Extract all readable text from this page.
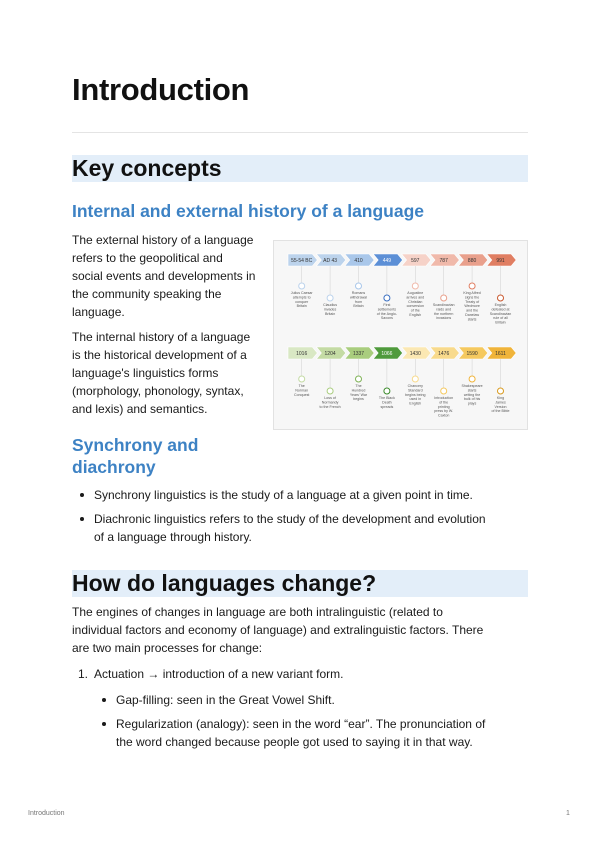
Introduction
Key concepts
Internal and external history of a language

The external history of a language
refers to the geopolitical and
social events and developments in
the community speaking the
language.

The internal history of a language
is the historical development of a
language's linguistics forms
(morphology, phonology, syntax,
and lexis) and semantics.

55-54 BC
Julius Caesar attempts to conquer Britain
AD 43
Claudius invades Britain
410
Romans withdrawal from Britain
449
First settlements of the Anglo-Saxons
597
Augustine arrives and Christian conversion of the English
787
Scandinavian raids and the northern invasions
880
King Alfred signs the Treaty of Wedmore and the Danelaw starts
991
English defeated at Scandinavian rule of all Britain
1016
The Norman Conquest
1204
Loss of Normandy to the French
1337
The Hundred Years' War begins
1066
The Black Death spreads
1430
Chancery Standard begins being used in English
1476
Introduction of the printing press by W. Caxton
1590
Shakespeare starts writing the bulk of his plays
1611
King James Version of the Bible
Synchrony and
diachrony
Synchrony linguistics is the study of a language at a given point in time.
Diachronic linguistics refers to the study of the development and evolution
of a language through history.
How do languages change?

The engines of changes in language are both intralinguistic (related to
individual factors and economy of language) and extralinguistic factors. There
are two main processes for change:

1. Actuation → introduction of a new variant form.
Gap-filling: seen in the Great Vowel Shift.
Regularization (analogy): seen in the word “ear”. The pronunciation of
the word changed because people got used to saying it in that way.
Introduction	1
